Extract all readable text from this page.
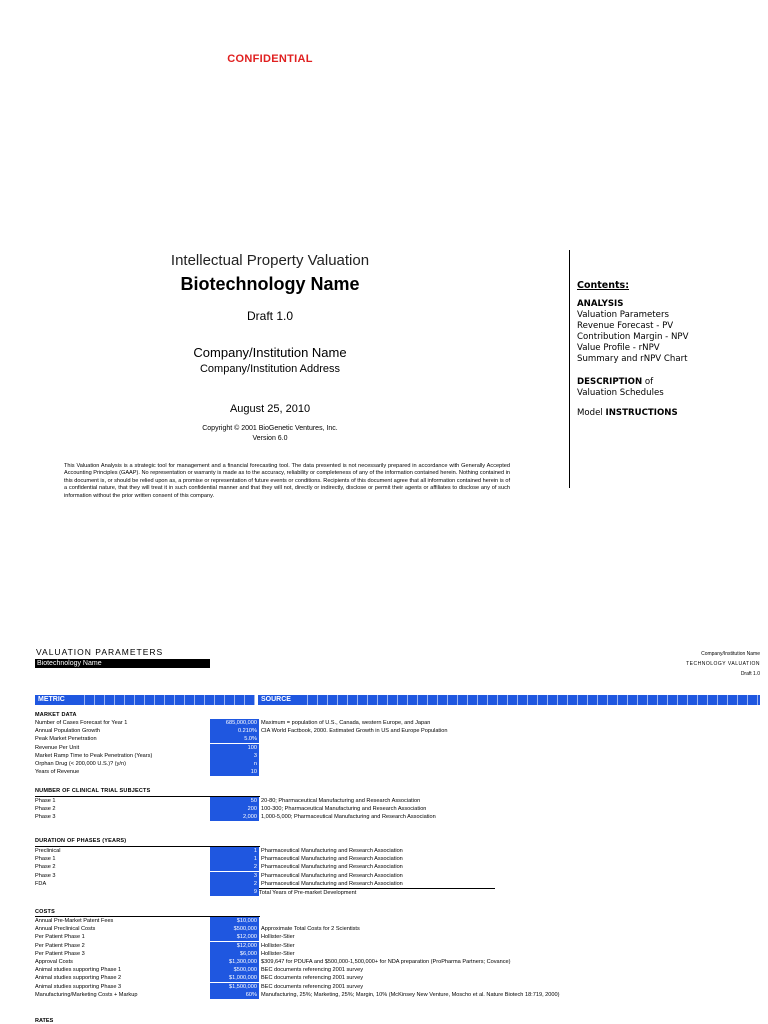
CONFIDENTIAL
Intellectual Property Valuation
Biotechnology Name
Draft 1.0
Company/Institution Name
Company/Institution Address
August 25, 2010
Copyright © 2001 BioGenetic Ventures, Inc.
Version 6.0
This Valuation Analysis is a strategic tool for management and a financial forecasting tool. The data presented is not necessarily prepared in accordance with Generally Accepted Accounting Principles (GAAP). No representation or warranty is made as to the accuracy, reliability or completeness of any of the information contained herein. Nothing contained in this document is, or should be relied upon as, a promise or representation of future events or conditions. Recipients of this document agree that all information contained herein is of a confidential nature, that they will treat it in such confidential manner and that they will not, directly or indirectly, disclose or permit their agents or affiliates to disclose any of such information without the prior written consent of this company.
Contents:
ANALYSIS
Valuation Parameters
Revenue Forecast - PV
Contribution Margin - NPV
Value Profile - rNPV
Summary and rNPV Chart
DESCRIPTION of
Valuation Schedules
Model INSTRUCTIONS
VALUATION PARAMETERS
Biotechnology Name
Company/Institution Name
TECHNOLOGY VALUATION
Draft 1.0
METRIC	SOURCE
MARKET DATA
Number of Cases Forecast for Year 1	685,000,000 Maximum = population of U.S., Canada, western Europe, and Japan
Annual Population Growth	0.210% CIA World Factbook, 2000. Estimated Growth in US and Europe Population
Peak Market Penetration	5.0%
Revenue Per Unit	100
Market Ramp Time to Peak Penetration (Years)	3
Orphan Drug (< 200,000 U.S.)? (y/n)	n
Years of Revenue	10
NUMBER OF CLINICAL TRIAL SUBJECTS
Phase 1	50 20-80; Pharmaceutical Manufacturing and Research Association
Phase 2	200 100-300; Pharmaceutical Manufacturing and Research Association
Phase 3	2,000 1,000-5,000; Pharmaceutical Manufacturing and Research Association
DURATION OF PHASES (YEARS)
Preclinical	1 Pharmaceutical Manufacturing and Research Association
Phase 1	1 Pharmaceutical Manufacturing and Research Association
Phase 2	2 Pharmaceutical Manufacturing and Research Association
Phase 3	3 Pharmaceutical Manufacturing and Research Association
FDA	2 Pharmaceutical Manufacturing and Research Association
9 Total Years of Pre-market Development
COSTS
Annual Pre-Market Patent Fees	$10,000
Annual Preclinical Costs	$500,000 Approximate Total Costs for 2 Scientists
Per Patient Phase 1	$12,000 Hollister-Stier
Per Patient Phase 2	$12,000 Hollister-Stier
Per Patient Phase 3	$6,000 Hollister-Stier
Approval Costs	$1,300,000 $309,647 for PDUFA and $500,000-1,500,000+ for NDA preparation (ProPharma Partners; Covance)
Animal studies supporting Phase 1	$500,000 BEC documents referencing 2001 survey
Animal studies supporting Phase 2	$1,000,000 BEC documents referencing 2001 survey
Animal studies supporting Phase 3	$1,500,000 BEC documents referencing 2001 survey
Manufacturing/Marketing Costs + Markup	60% Manufacturing, 25%; Marketing, 25%; Margin, 10% (McKinsey New Venture, Moscho et al. Nature Biotech 18:719, 2000)
RATES
